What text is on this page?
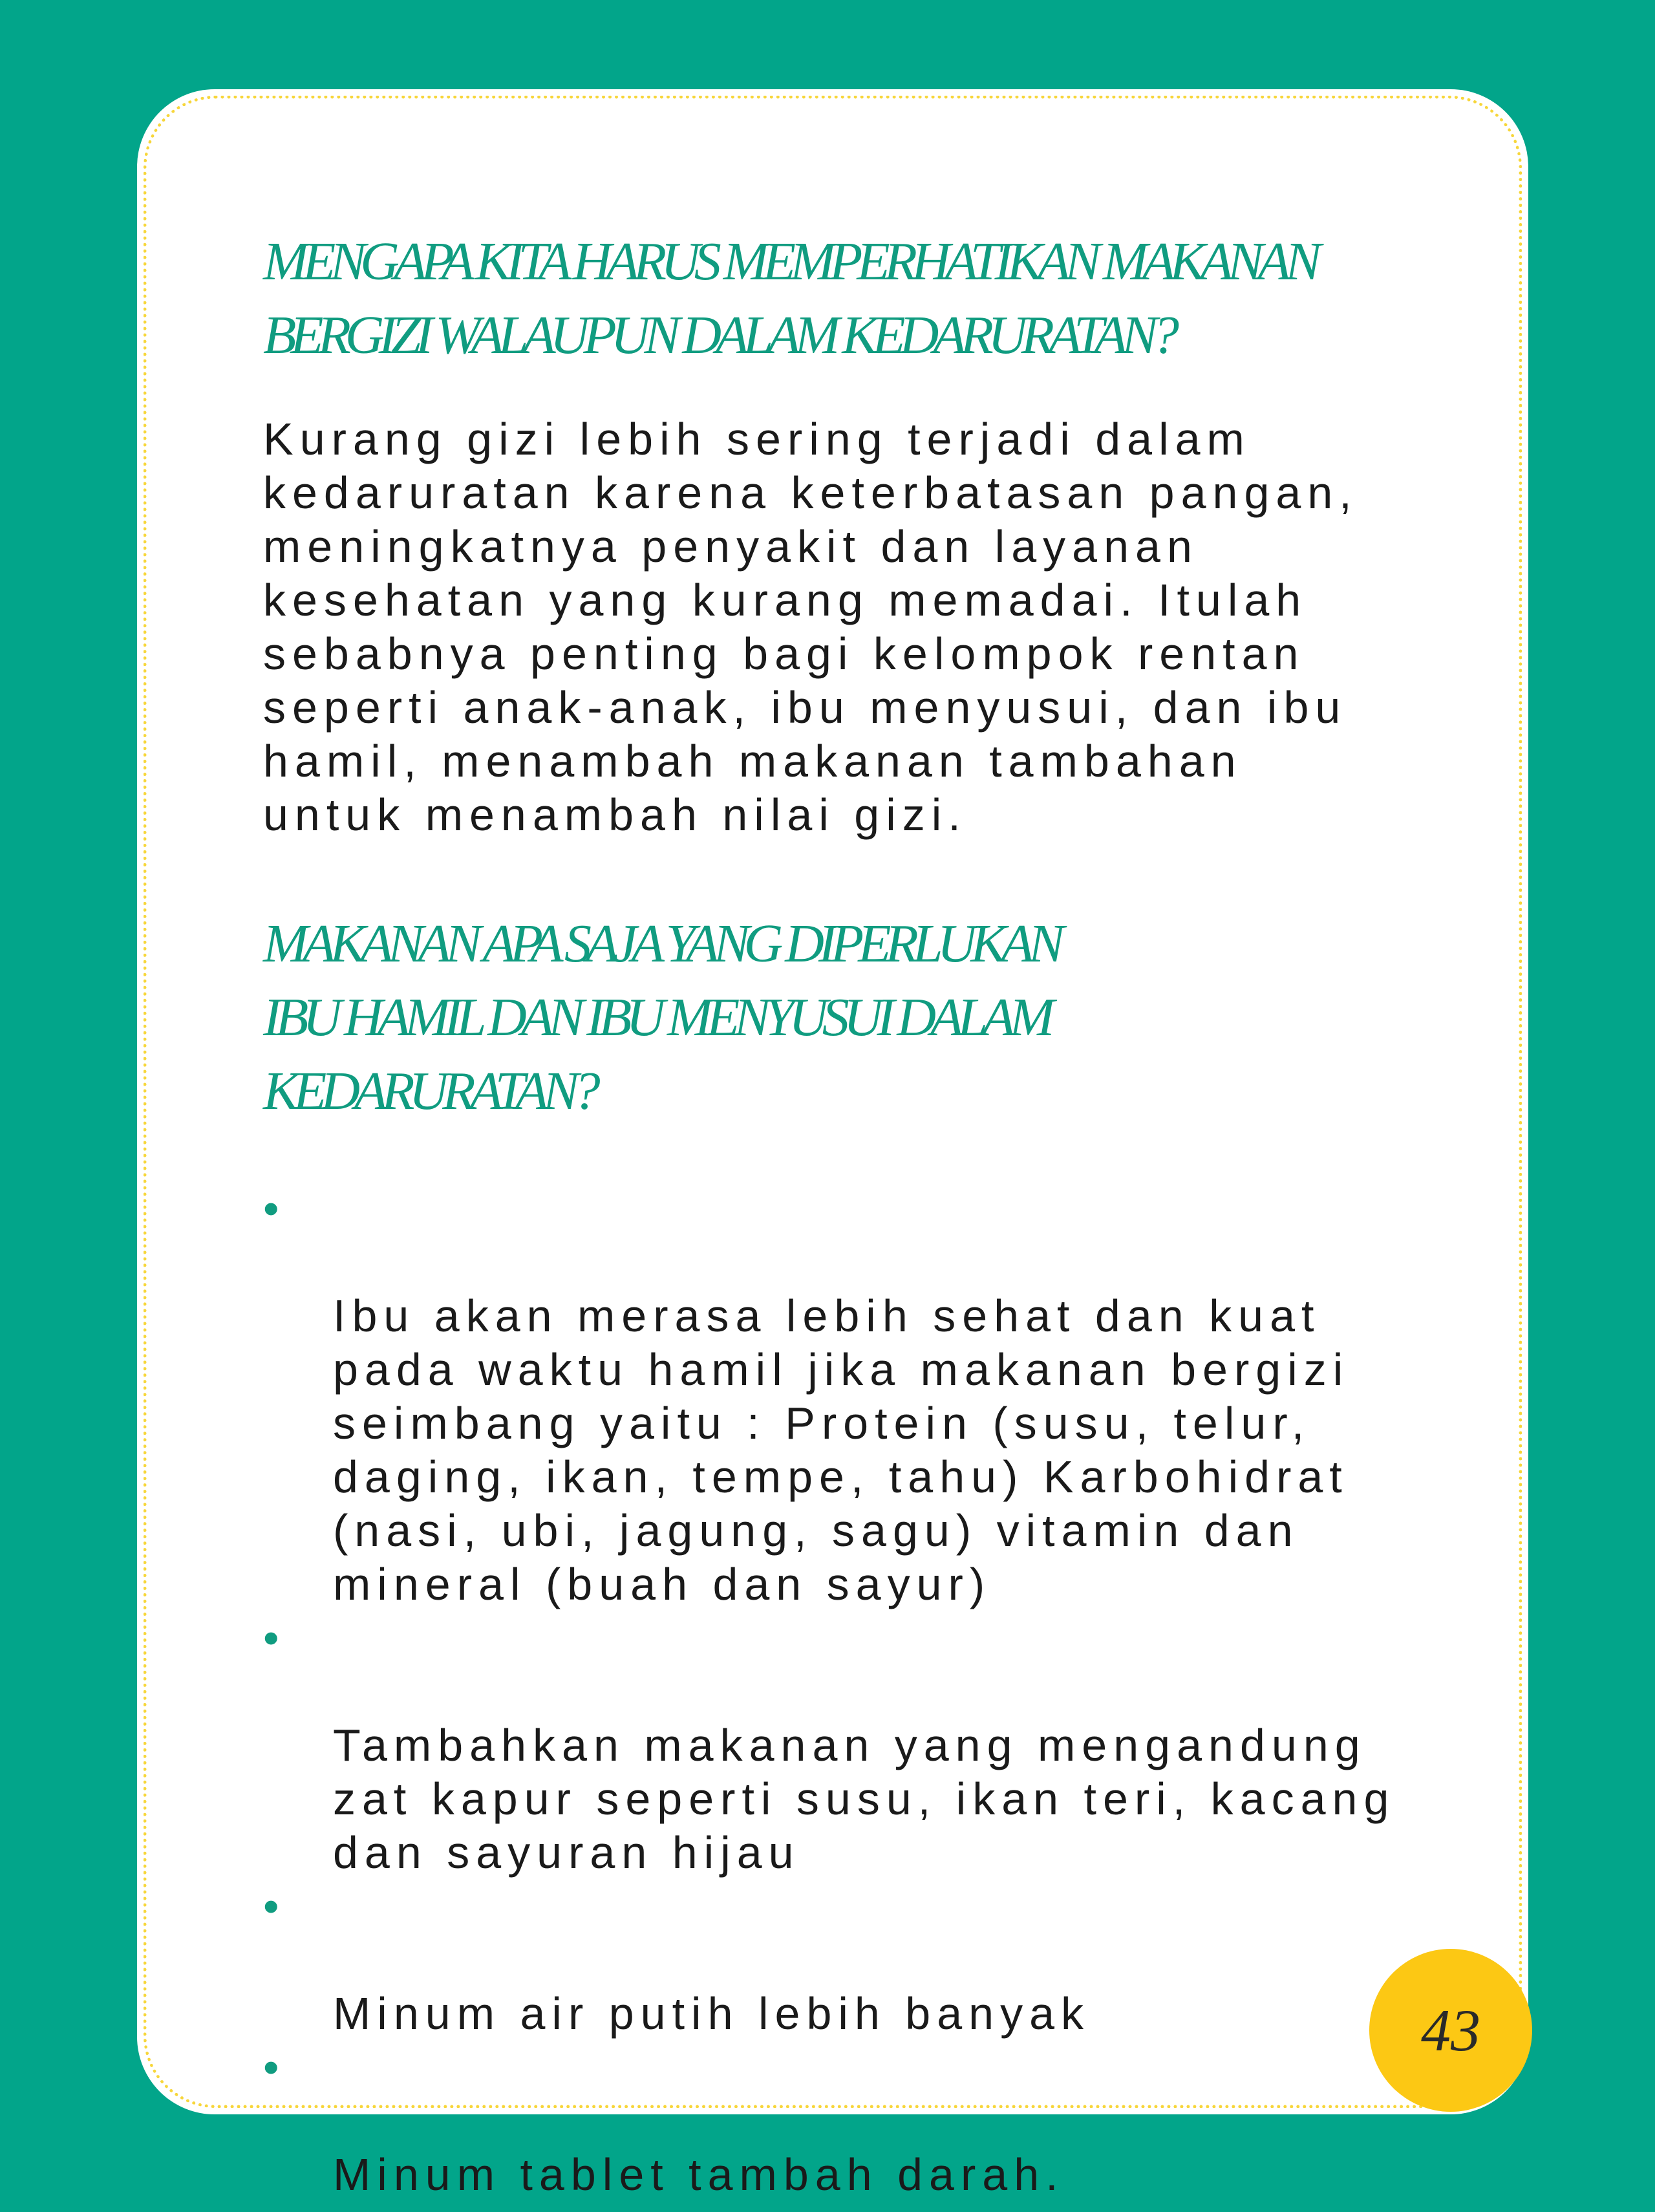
MENGAPA KITA HARUS MEMPERHATIKAN MAKANAN
BERGIZI WALAUPUN DALAM KEDARURATAN?

Kurang gizi lebih sering terjadi dalam
kedaruratan karena keterbatasan pangan,
meningkatnya penyakit dan layanan
kesehatan yang kurang memadai. Itulah
sebabnya penting bagi kelompok rentan
seperti anak-anak, ibu menyusui, dan ibu
hamil, menambah makanan tambahan
untuk menambah nilai gizi.

MAKANAN APA SAJA YANG DIPERLUKAN
IBU HAMIL DAN IBU MENYUSUI DALAM
KEDARURATAN?

•

Ibu akan merasa lebih sehat dan kuat
pada waktu hamil jika makanan bergizi
seimbang yaitu : Protein (susu, telur,
daging, ikan, tempe, tahu) Karbohidrat
(nasi, ubi, jagung, sagu) vitamin dan
mineral (buah dan sayur)

•

Tambahkan makanan yang mengandung
zat kapur seperti susu, ikan teri, kacang
dan sayuran hijau

•

Minum air putih lebih banyak

•

Minum tablet tambah darah.

43
